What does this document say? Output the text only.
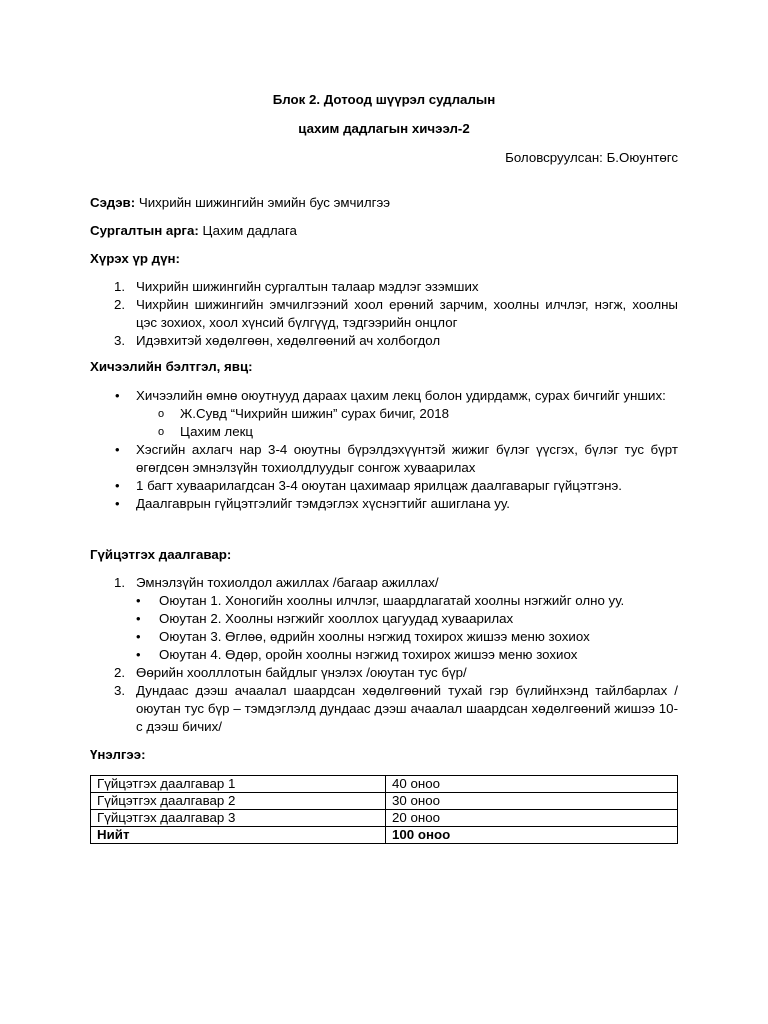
Блок 2. Дотоод шүүрэл судлалын
цахим дадлагын хичээл-2
Боловсруулсан: Б.Оюунтөгс
Сэдэв: Чихрийн шижингийн эмийн бус эмчилгээ
Сургалтын арга: Цахим дадлага
Хүрэх үр дүн:
1. Чихрийн шижингийн сургалтын талаар мэдлэг эзэмших
2. Чихрйин шижингийн эмчилгээний хоол ерөний зарчим, хоолны илчлэг, нэгж, хоолны цэс зохиох, хоол хүнсий бүлгүүд, тэдгээрийн онцлог
3. Идэвхитэй хөдөлгөөн, хөдөлгөөний ач холбогдол
Хичээлийн бэлтгэл, явц:
• Хичээлийн өмнө оюутнууд дараах цахим лекц болон удирдамж, сурах бичгийг унших:
o Ж.Сувд “Чихрийн шижин” сурах бичиг, 2018
o Цахим лекц
• Хэсгийн ахлагч нар 3-4 оюутны бүрэлдэхүүнтэй жижиг бүлэг үүсгэх, бүлэг тус бүрт өгөгдсөн эмнэлзүйн тохиолдлуудыг сонгож хуваарилах
• 1 багт хуваарилагдсан 3-4 оюутан цахимаар ярилцаж даалгаварыг гүйцэтгэнэ.
• Даалгаврын гүйцэтгэлийг тэмдэглэх хүснэгтийг ашиглана уу.
Гүйцэтгэх даалгавар:
1. Эмнэлзүйн тохиолдол ажиллах /багаар ажиллах/
• Оюутан 1. Хоногийн хоолны илчлэг, шаардлагатай хоолны нэгжийг олно уу.
• Оюутан 2. Хоолны нэгжийг хооллох цагуудад хуваарилах
• Оюутан 3. Өглөө, өдрийн хоолны нэгжид тохирох жишээ меню зохиох
• Оюутан 4. Өдөр, оройн хоолны нэгжид тохирох жишээ меню зохиох
2. Өөрийн хоолллотын байдлыг үнэлэх /оюутан тус бүр/
3. Дундаас дээш ачаалал шаардсан хөдөлгөөний тухай гэр бүлийнхэнд тайлбарлах /оюутан тус бүр – тэмдэглэлд дундаас дээш ачаалал шаардсан хөдөлгөөний жишээ 10-с дээш бичих/
Үнэлгээ:
Гүйцэтгэх даалгавар 1	40 оноо
Гүйцэтгэх даалгавар 2	30 оноо
Гүйцэтгэх даалгавар 3	20 оноо
Нийт	100 оноо
